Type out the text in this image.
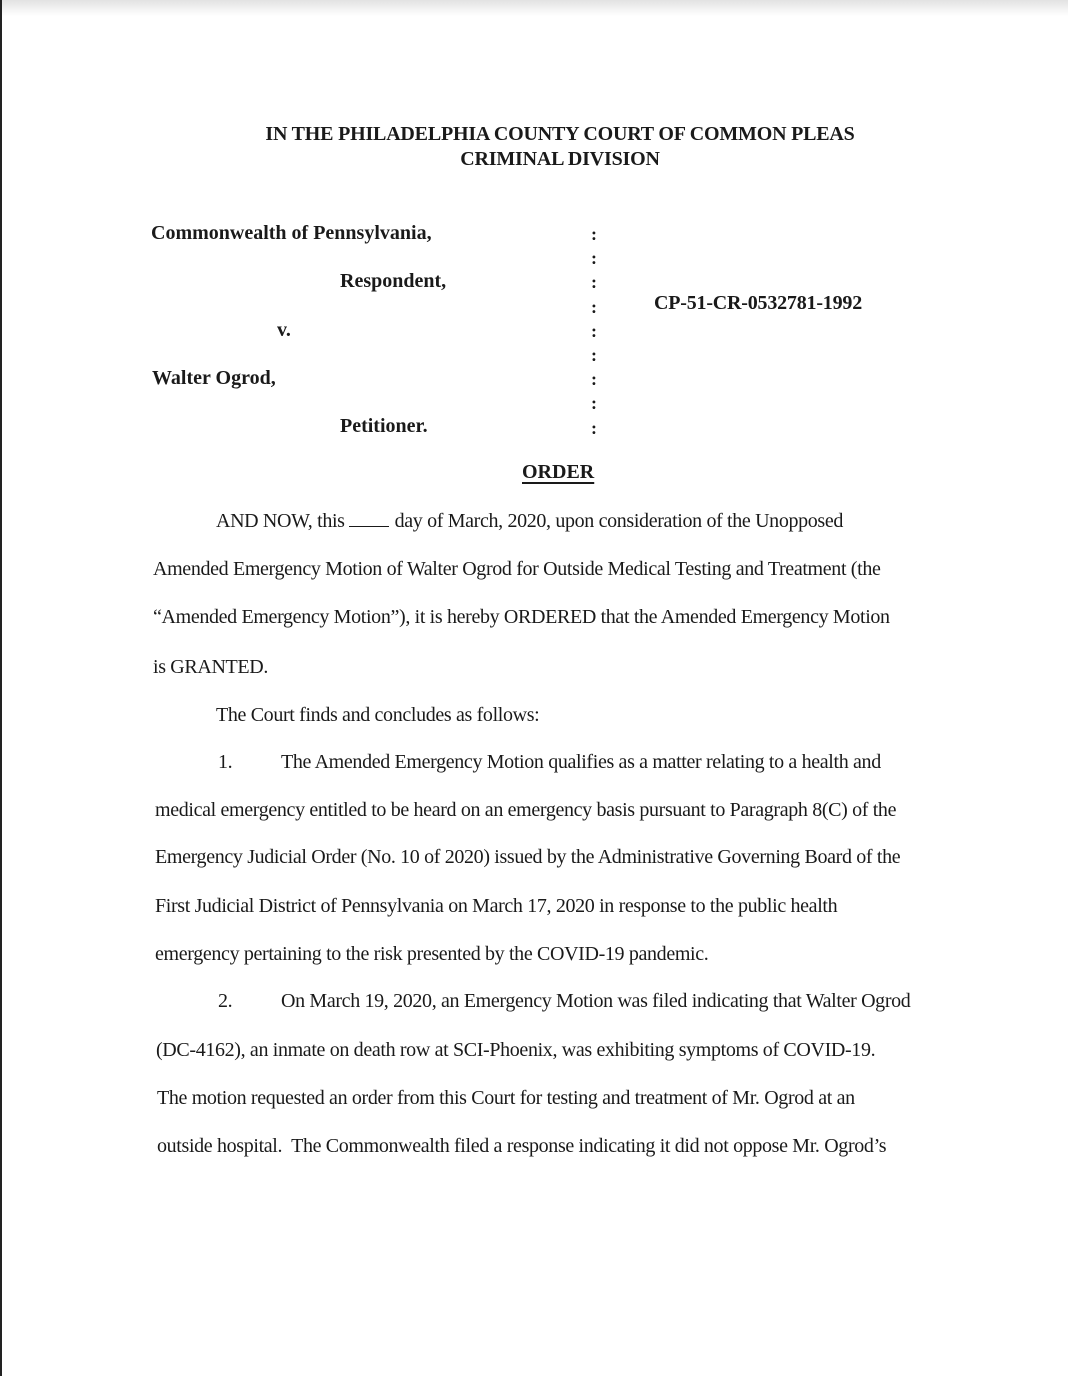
IN THE PHILADELPHIA COUNTY COURT OF COMMON PLEAS
CRIMINAL DIVISION
Commonwealth of Pennsylvania,
Respondent,
v.
Walter Ogrod,
Petitioner.
:
:
:
:
:
:
:
:
:
CP-51-CR-0532781-1992
ORDER
AND NOW, this	day of March, 2020, upon consideration of the Unopposed
Amended Emergency Motion of Walter Ogrod for Outside Medical Testing and Treatment (the
“Amended Emergency Motion”), it is hereby ORDERED that the Amended Emergency Motion
is GRANTED.
The Court finds and concludes as follows:
1. The Amended Emergency Motion qualifies as a matter relating to a health and
medical emergency entitled to be heard on an emergency basis pursuant to Paragraph 8(C) of the
Emergency Judicial Order (No. 10 of 2020) issued by the Administrative Governing Board of the
First Judicial District of Pennsylvania on March 17, 2020 in response to the public health
emergency pertaining to the risk presented by the COVID-19 pandemic.
2. On March 19, 2020, an Emergency Motion was filed indicating that Walter Ogrod
(DC-4162), an inmate on death row at SCI-Phoenix, was exhibiting symptoms of COVID-19.
The motion requested an order from this Court for testing and treatment of Mr. Ogrod at an
outside hospital.  The Commonwealth filed a response indicating it did not oppose Mr. Ogrod’s
